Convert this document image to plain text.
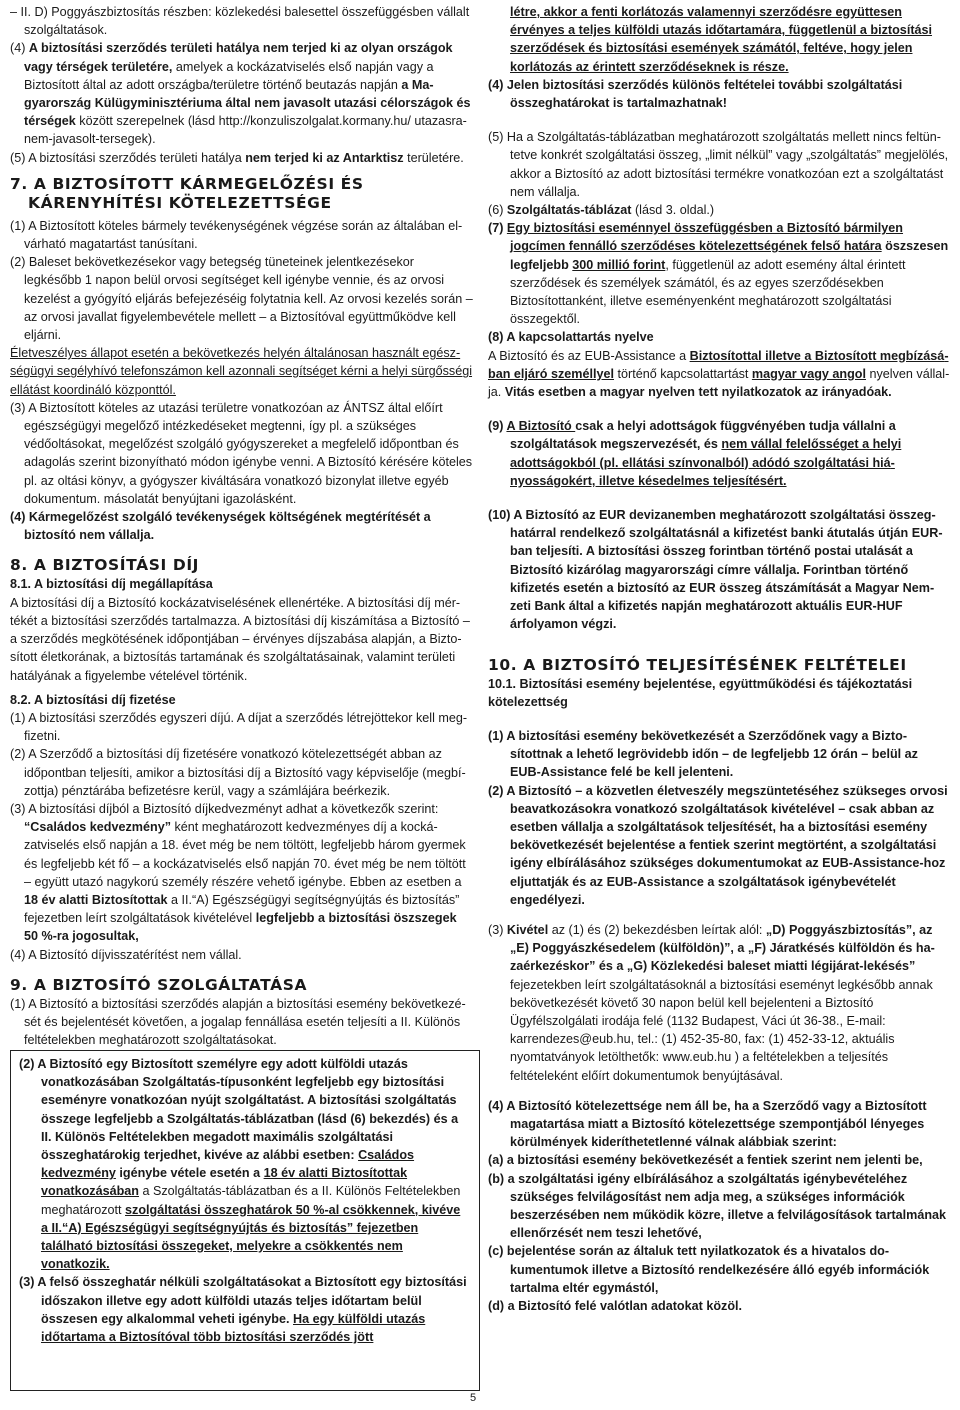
– II. D) Poggyászbiztosítás részben: közlekedési balesettel összefüggésben vállalt szolgáltatások.

(4) A biztosítási szerződés területi hatálya nem terjed ki az olyan országok vagy térségek területére, amelyek a kockázatviselés első napján vagy a Biztosított által az adott országba/területre történő beutazás napján a Magyarország Külügyminisztériuma által nem javasolt utazási célországok és térségek között szerepelnek (lásd http://konzuliszolgalat.kormany.hu/ utazasra-nem-javasolt-tersegek).

(5) A biztosítási szerződés területi hatálya nem terjed ki az Antarktisz területére.

7. A BIZTOSÍTOTT KÁRMEGELŐZÉSI ÉS KÁRENYHÍTÉSI KÖTELEZETTSÉGE

(1) A Biztosított köteles bármely tevékenységének végzése során az általában elvárható magatartást tanúsítani.

(2) Baleset bekövetkezésekor vagy betegség tüneteinek jelentkezésekor legkésőbb 1 napon belül orvosi segítséget kell igénybe vennie, és az orvosi kezelést a gyógyító eljárás befejezéséig folytatnia kell. Az orvosi kezelés során – az orvosi javallat figyelembevétele mellett – a Biztosítóval együttműködve kell eljárni.

Életveszélyes állapot esetén a bekövetkezés helyén általánosan használt egészségügyi segélyhívó telefonszámon kell azonnali segítséget kérni a helyi sürgősségi ellátást koordináló központtól.

(3) A Biztosított köteles az utazási területre vonatkozóan az ÁNTSZ által előírt egészségügyi megelőző intézkedéseket megtenni, így pl. a szükséges védőoltásokat, megelőzést szolgáló gyógyszereket a megfelelő időpontban és adagolás szerint bizonyítható módon igénybe venni. A Biztosító kérésére köteles pl. az oltási könyv, a gyógyszer kiváltására vonatkozó bizonylat illetve egyéb dokumentum. másolatát benyújtani igazolásként.

(4) Kármegelőzést szolgáló tevékenységek költségének megtérítését a biztosító nem vállalja.

8. A BIZTOSÍTÁSI DÍJ

8.1. A biztosítási díj megállapítása

A biztosítási díj a Biztosító kockázatviselésének ellenértéke. A biztosítási díj mértékét a biztosítási szerződés tartalmazza. A biztosítási díj kiszámítása a Biztosító – a szerződés megkötésének időpontjában – érvényes díjszabása alapján, a Biztosított életkorának, a biztosítás tartamának és szolgáltatásainak, valamint területi hatályának a figyelembe vételével történik.

8.2. A biztosítási díj fizetése

(1) A biztosítási szerződés egyszeri díjú. A díjat a szerződés létrejöttekor kell megfizetni.

(2) A Szerződő a biztosítási díj fizetésére vonatkozó kötelezettségét abban az időpontban teljesíti, amikor a biztosítási díj a Biztosító vagy képviselője (megbízottja) pénztárába befizetésre kerül, vagy a számlájára beérkezik.

(3) A biztosítási díjból a Biztosító díjkedvezményt adhat a következők szerint: “Családos kedvezmény” ként meghatározott kedvezményes díj a kockázatviselés első napján a 18. évet még be nem töltött, legfeljebb három gyermek és legfeljebb két fő – a kockázatviselés első napján 70. évet még be nem töltött – együtt utazó nagykorú személy részére vehető igénybe. Ebben az esetben a 18 év alatti Biztosítottak a II.“A) Egészségügyi segítségnyújtás és biztosítás” fejezetben leírt szolgáltatások kivételével legfeljebb a biztosítási öszszegek 50 %-ra jogosultak,

(4) A Biztosító díjvisszatérítést nem vállal.

9. A BIZTOSÍTÓ SZOLGÁLTATÁSA

(1) A Biztosító a biztosítási szerződés alapján a biztosítási esemény bekövetkezését és bejelentését követően, a jogalap fennállása esetén teljesíti a II. Különös feltételekben meghatározott szolgáltatásokat.

(2) A Biztosító egy Biztosított személyre egy adott külföldi utazás vonatkozásában Szolgáltatás-típusonként legfeljebb egy biztosítási eseményre vonatkozóan nyújt szolgáltatást. A biztosítási szolgáltatás összege legfeljebb a Szolgáltatás-táblázatban (lásd (6) bekezdés) és a II. Különös Feltételekben megadott maximális szolgáltatási összeghatárokig terjedhet, kivéve az alábbi esetben: Családos kedvezmény igénybe vétele esetén a 18 év alatti Biztosítottak vonatkozásában a Szolgáltatás-táblázatban és a II. Különös Feltételekben meghatározott szolgáltatási összeghatárok 50 %-al csökkennek, kivéve a II.“A) Egészségügyi segítségnyújtás és biztosítás” fejezetben található biztosítási összegeket, melyekre a csökkentés nem vonatkozik.

(3) A felső összeghatár nélküli szolgáltatásokat a Biztosított egy biztosítási időszakon illetve egy adott külföldi utazás teljes időtartam belül összesen egy alkalommal veheti igénybe. Ha egy külföldi utazás időtartama a Biztosítóval több biztosítási szerződés jött

5

létre, akkor a fenti korlátozás valamennyi szerződésre együttesen érvényes a teljes külföldi utazás időtartamára, függetlenül a biztosítási szerződések és biztosítási események számától, feltéve, hogy jelen korlátozás az érintett szerződéseknek is része.

(4) Jelen biztosítási szerződés különös feltételei további szolgáltatási összeghatárokat is tartalmazhatnak!

(5) Ha a Szolgáltatás-táblázatban meghatározott szolgáltatás mellett nincs feltüntetve konkrét szolgáltatási összeg, „limit nélkül” vagy „szolgáltatás” megjelölés, akkor a Biztosító az adott biztosítási termékre vonatkozóan ezt a szolgáltatást nem vállalja.

(6) Szolgáltatás-táblázat (lásd 3. oldal.)

(7) Egy biztosítási eseménnyel összefüggésben a Biztosító bármilyen jogcímen fennálló szerződéses kötelezettségének felső határa öszszesen legfeljebb 300 millió forint, függetlenül az adott esemény által érintett szerződések és személyek számától, és az egyes szerződésekben Biztosítottanként, illetve eseményenként meghatározott szolgáltatási összegektől.

(8) A kapcsolattartás nyelve

A Biztosító és az EUB-Assistance a Biztosítottal illetve a Biztosított megbízásában eljáró személlyel történő kapcsolattartást magyar vagy angol nyelven vállalja. Vitás esetben a magyar nyelven tett nyilatkozatok az irányadóak.

(9) A Biztosító csak a helyi adottságok függvényében tudja vállalni a szolgáltatások megszervezését, és nem vállal felelősséget a helyi adottságokból (pl. ellátási színvonalból) adódó szolgáltatási hiányosságokért, illetve késedelmes teljesítésért.

(10) A Biztosító az EUR devizanemben meghatározott szolgáltatási összeghatárral rendelkező szolgáltatásnál a kifizetést banki átutalás útján EUR-ban teljesíti. A biztosítási összeg forintban történő postai utalását a Biztosító kizárólag magyarországi címre vállalja. Forintban történő kifizetés esetén a biztosító az EUR összeg átszámítását a Magyar Nemzeti Bank által a kifizetés napján meghatározott aktuális EUR-HUF árfolyamon végzi.

10. A BIZTOSÍTÓ TELJESÍTÉSÉNEK FELTÉTELEI

10.1. Biztosítási esemény bejelentése, együttműködési és tájékoztatási kötelezettség

(1) A biztosítási esemény bekövetkezését a Szerződőnek vagy a Biztosítottnak a lehető legrövidebb időn – de legfeljebb 12 órán – belül az EUB-Assistance felé be kell jelenteni.

(2) A Biztosító – a közvetlen életveszély megszüntetéséhez szükseges orvosi beavatkozásokra vonatkozó szolgáltatások kivételével – csak abban az esetben vállalja a szolgáltatások teljesítését, ha a biztosítási esemény bekövetkezését bejelentése a fentiek szerint megtörtént, a szolgáltatási igény elbírálásához szükséges dokumentumokat az EUB-Assistance-hoz eljuttatják és az EUB-Assistance a szolgáltatások igénybevételét engedélyezi.

(3) Kivétel az (1) és (2) bekezdésben leírtak alól: „D) Poggyászbiztosítás”, az „E) Poggyászkésedelem (külföldön)”, a „F) Járatkésés külföldön és hazaérkezéskor” és a „G) Közlekedési baleset miatti légijárat-lekésés” fejezetekben leírt szolgáltatásoknál a biztosítási eseményt legkésőbb annak bekövetkezését követő 30 napon belül kell bejelenteni a Biztosító Ügyfélszolgálati irodája felé (1132 Budapest, Váci út 36-38., E-mail: karrendezes@eub.hu, tel.: (1) 452-35-80, fax: (1) 452-33-12, aktuális nyomtatványok letölthetők: www.eub.hu ) a feltételekben a teljesítés feltételeként előírt dokumentumok benyújtásával.

(4) A Biztosító kötelezettsége nem áll be, ha a Szerződő vagy a Biztosított magatartása miatt a Biztosító kötelezettsége szempontjából lényeges körülmények kideríthetetlenné válnak alábbiak szerint:

(a) a biztosítási esemény bekövetkezését a fentiek szerint nem jelenti be,

(b) a szolgáltatási igény elbírálásához a szolgáltatás igénybevételéhez szükséges felvilágosítást nem adja meg, a szükséges információk beszerzésében nem működik közre, illetve a felvilágosítások tartalmának ellenőrzését nem teszi lehetővé,

(c) bejelentése során az általuk tett nyilatkozatok és a hivatalos dokumentumok illetve a Biztosító rendelkezésére álló egyéb információk tartalma eltér egymástól,

(d) a Biztosító felé valótlan adatokat közöl.
